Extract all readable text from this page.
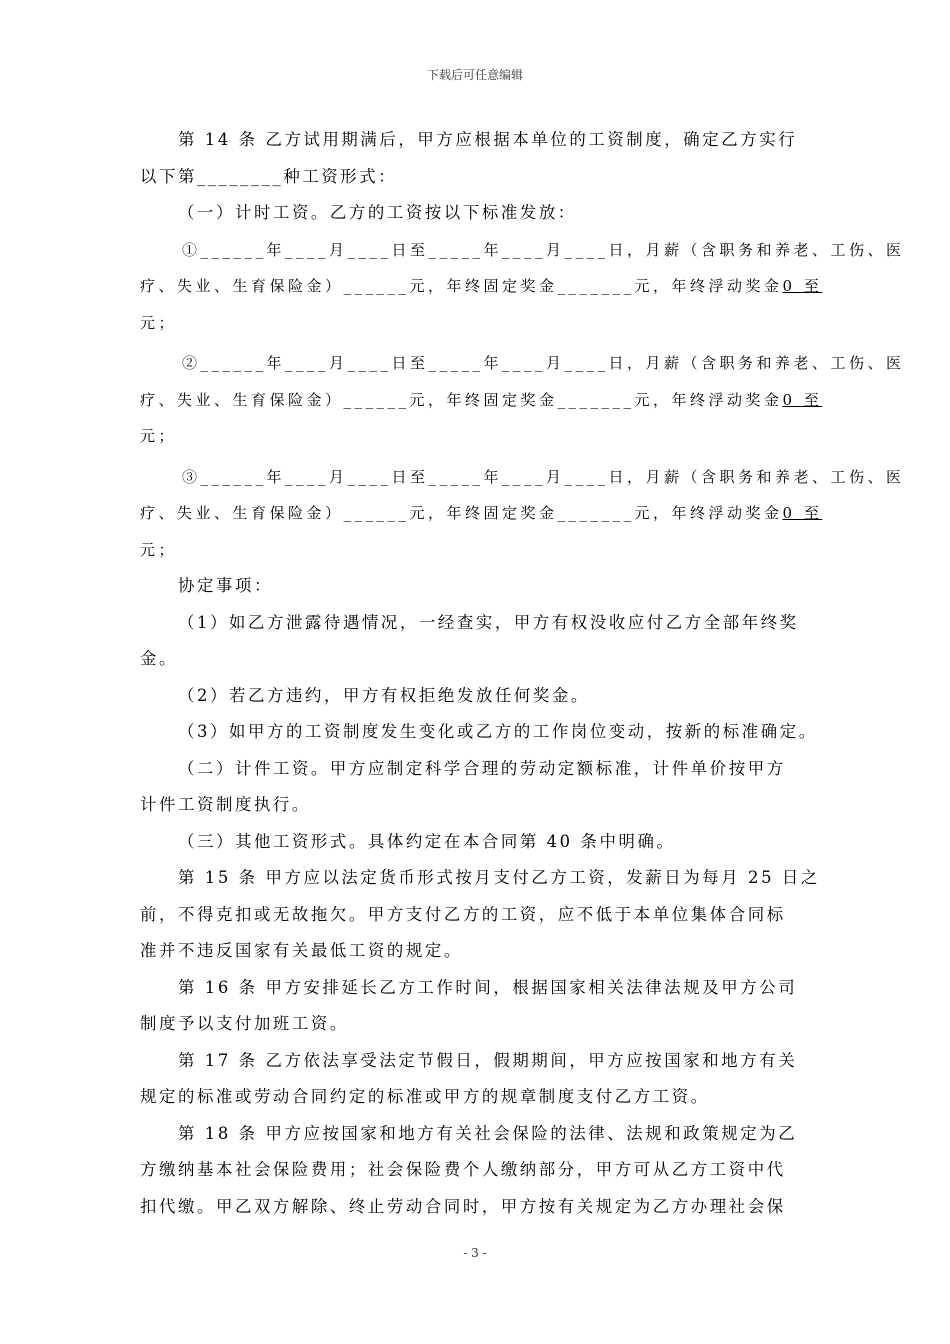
下载后可任意编辑

第 14 条 乙方试用期满后，甲方应根据本单位的工资制度，确定乙方实行

以下第________种工资形式：

（一）计时工资。乙方的工资按以下标准发放：

①______年____月____日至_____年____月____日，月薪（含职务和养老、工伤、医

疗、失业、生育保险金）______元，年终固定奖金_______元，年终浮动奖金0 至

元；

②______年____月____日至_____年____月____日，月薪（含职务和养老、工伤、医

疗、失业、生育保险金）______元，年终固定奖金_______元，年终浮动奖金0 至

元；

③______年____月____日至_____年____月____日，月薪（含职务和养老、工伤、医

疗、失业、生育保险金）______元，年终固定奖金_______元，年终浮动奖金0 至

元；

协定事项：

（1）如乙方泄露待遇情况，一经查实，甲方有权没收应付乙方全部年终奖

金。

（2）若乙方违约，甲方有权拒绝发放任何奖金。

（3）如甲方的工资制度发生变化或乙方的工作岗位变动，按新的标准确定。

（二）计件工资。甲方应制定科学合理的劳动定额标准，计件单价按甲方

计件工资制度执行。

（三）其他工资形式。具体约定在本合同第 40 条中明确。

第 15 条 甲方应以法定货币形式按月支付乙方工资，发薪日为每月 25 日之

前，不得克扣或无故拖欠。甲方支付乙方的工资，应不低于本单位集体合同标

准并不违反国家有关最低工资的规定。

第 16 条 甲方安排延长乙方工作时间，根据国家相关法律法规及甲方公司

制度予以支付加班工资。

第 17 条 乙方依法享受法定节假日，假期期间，甲方应按国家和地方有关

规定的标准或劳动合同约定的标准或甲方的规章制度支付乙方工资。

第 18 条 甲方应按国家和地方有关社会保险的法律、法规和政策规定为乙

方缴纳基本社会保险费用；社会保险费个人缴纳部分，甲方可从乙方工资中代

扣代缴。甲乙双方解除、终止劳动合同时，甲方按有关规定为乙方办理社会保

- 3 -
